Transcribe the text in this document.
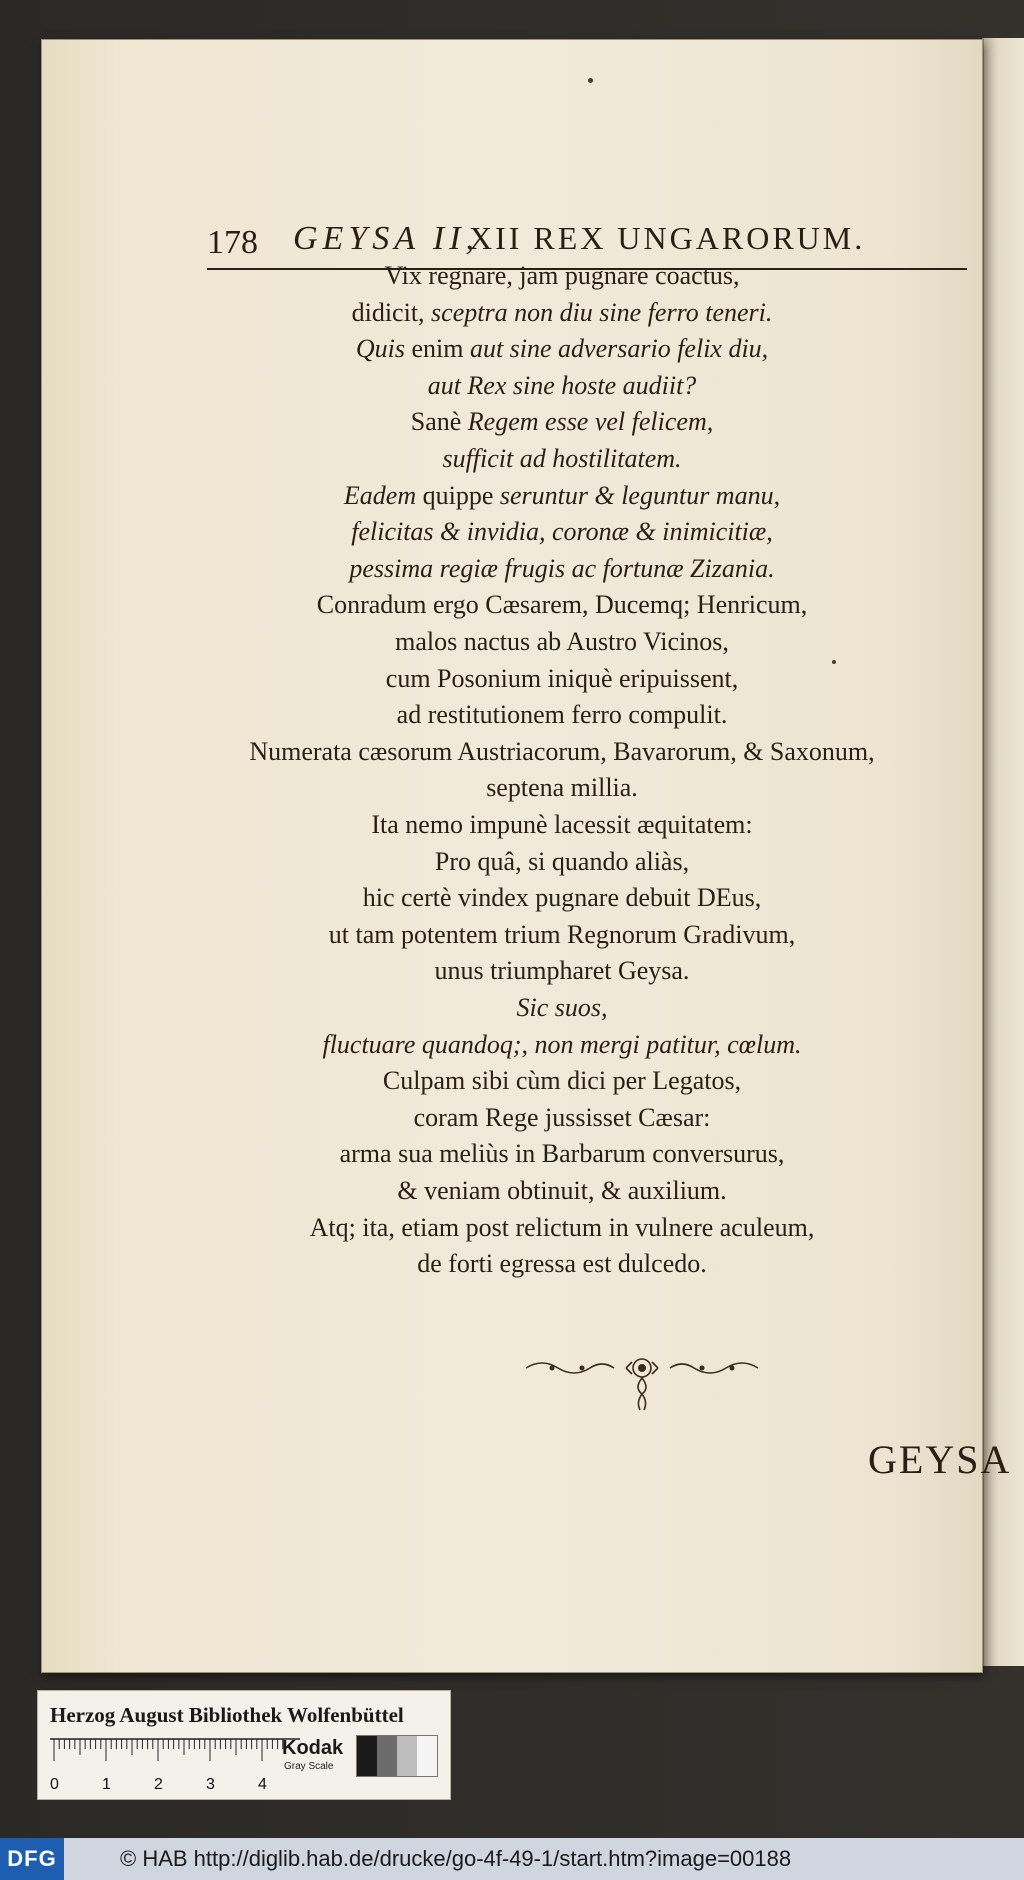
178 GEYSA II,
XII REX UNGARORUM.
Vix regnare, jam pugnare coactus,
didicit, sceptra non diu sine ferro teneri.
Quis enim aut sine adversario felix diu,
aut Rex sine hoste audiit?
Sanè Regem esse vel felicem,
sufficit ad hostilitatem.
Eadem quippe seruntur & leguntur manu,
felicitas & invidia, coronæ & inimicitiæ,
pessima regiæ frugis ac fortunæ Zizania.
Conradum ergo Cæsarem, Ducemq; Henricum,
malos nactus ab Austro Vicinos,
cum Posonium iniquè eripuissent,
ad restitutionem ferro compulit.
Numerata cæsorum Austriacorum, Bavarorum, & Saxonum,
septena millia.
Ita nemo impunè lacessit æquitatem:
Pro quâ, si quando aliàs,
hic certè vindex pugnare debuit DEus,
ut tam potentem trium Regnorum Gradivum,
unus triumpharet Geysa.
Sic suos,
fluctuare quandoq;, non mergi patitur, cœlum.
Culpam sibi cùm dici per Legatos,
coram Rege jussisset Cæsar:
arma sua meliùs in Barbarum conversurus,
& veniam obtinuit, & auxilium.
Atq; ita, etiam post relictum in vulnere aculeum,
de forti egressa est dulcedo.
GEYSA
Herzog August Bibliothek Wolfenbüttel
0	1	2	3	4
Kodak
Gray Scale
DFG	© HAB http://diglib.hab.de/drucke/go-4f-49-1/start.htm?image=00188
